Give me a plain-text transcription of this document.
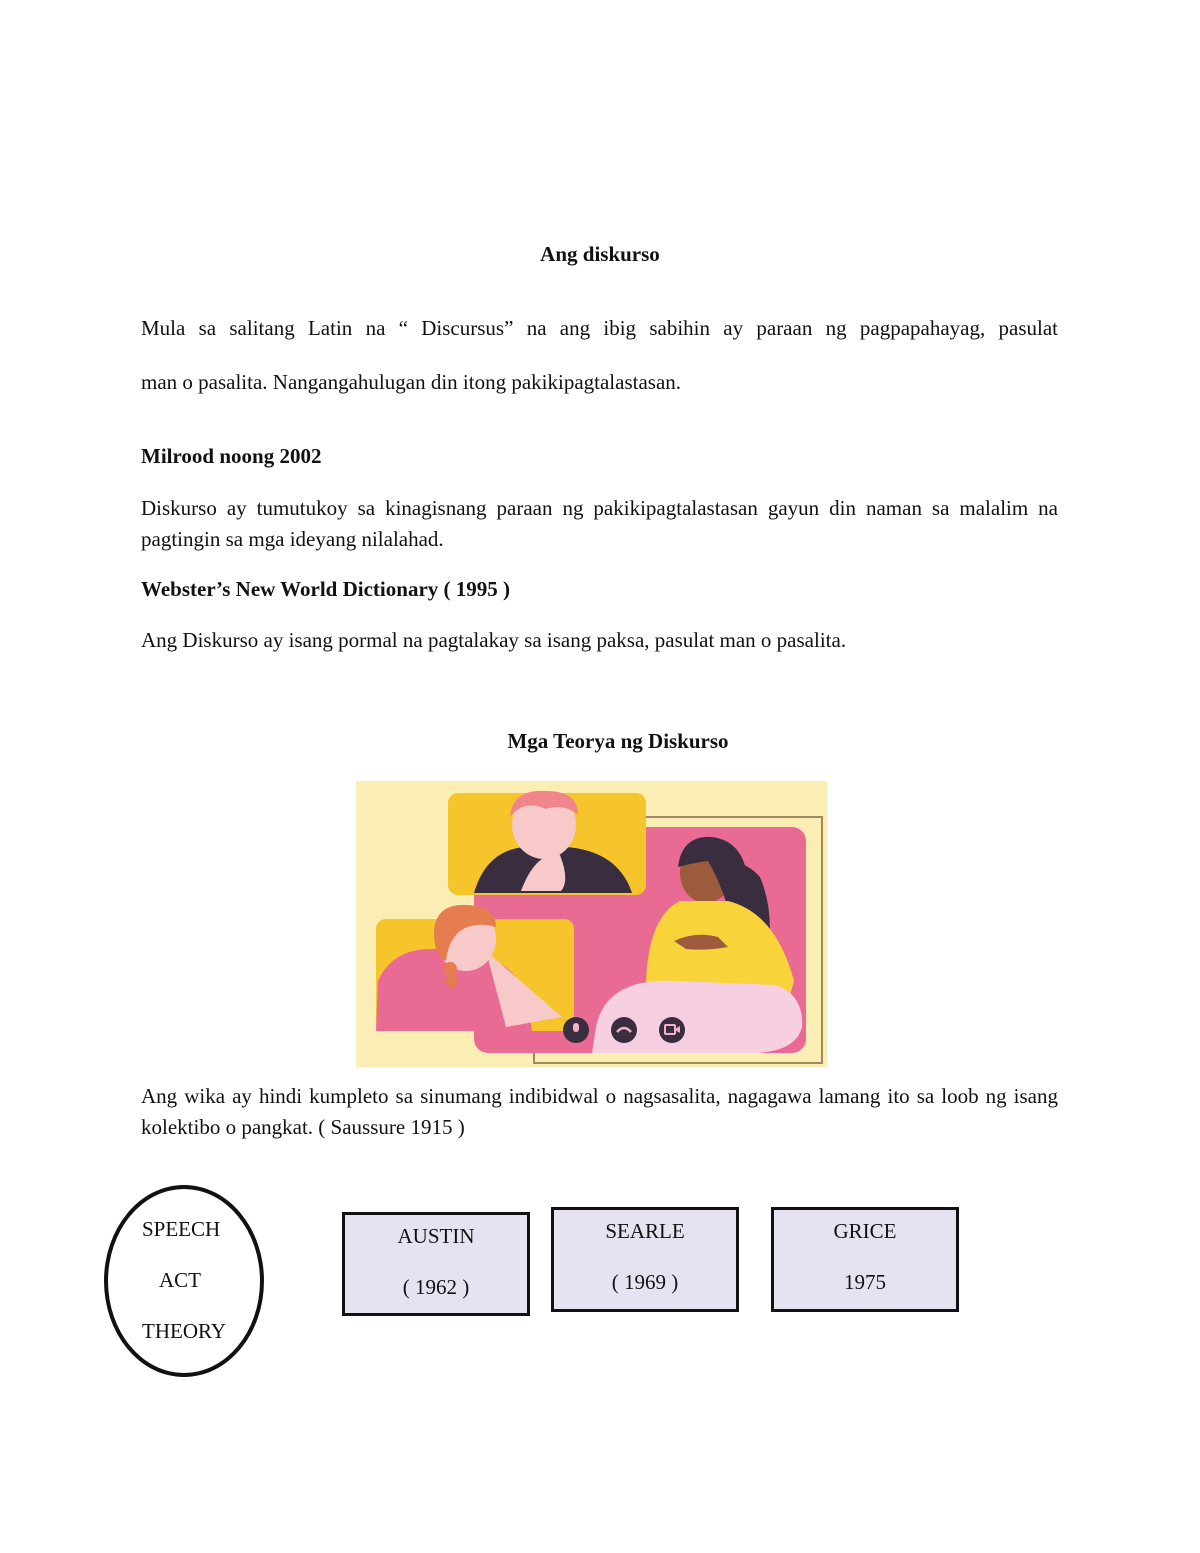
Ang diskurso
Mula sa salitang Latin na “ Discursus” na ang ibig sabihin ay paraan ng pagpapahayag, pasulat
man o pasalita. Nangangahulugan din itong pakikipagtalastasan.
Milrood noong 2002
Diskurso ay tumutukoy sa kinagisnang paraan ng pakikipagtalastasan gayun din naman sa malalim na pagtingin sa mga ideyang nilalahad.
Webster’s New World Dictionary ( 1995 )
Ang Diskurso ay isang pormal na pagtalakay sa isang paksa, pasulat man o pasalita.
Mga Teorya ng Diskurso
Ang wika ay hindi kumpleto sa sinumang indibidwal o nagsasalita, nagagawa lamang ito sa loob ng isang kolektibo o pangkat. ( Saussure 1915 )
SPEECH
ACT
THEORY
AUSTIN
( 1962 )
SEARLE
( 1969 )
GRICE
1975
